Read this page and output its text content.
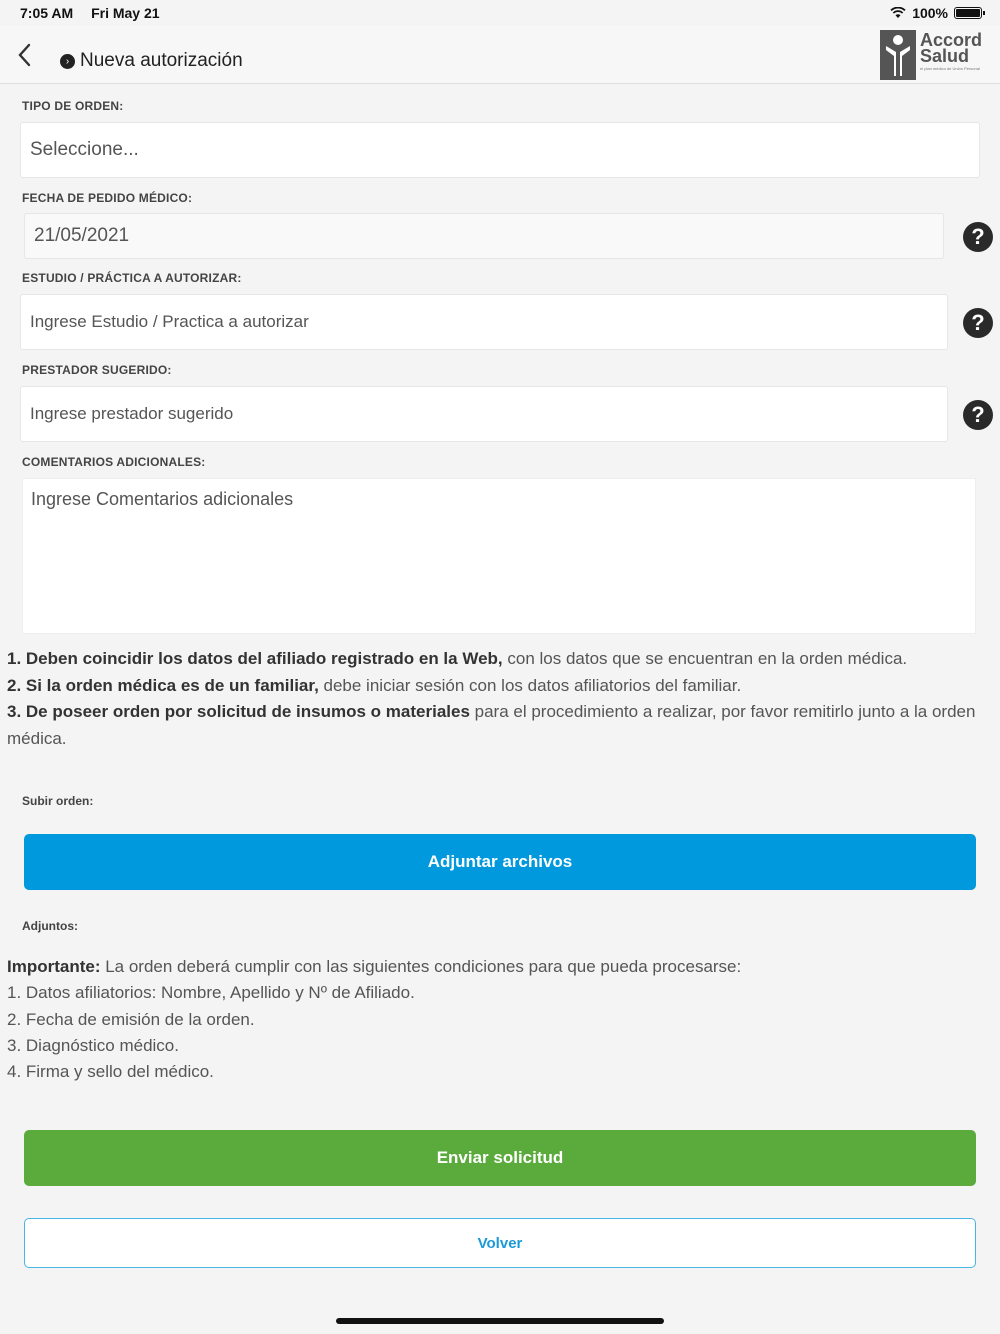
7:05 AM Fri May 21	100%
› Nueva autorización
Accord
Salud
el plan médico de Unión Personal
TIPO DE ORDEN:
Seleccione...
FECHA DE PEDIDO MÉDICO:
21/05/2021	?
ESTUDIO / PRÁCTICA A AUTORIZAR:
Ingrese Estudio / Practica a autorizar	?
PRESTADOR SUGERIDO:
Ingrese prestador sugerido	?
COMENTARIOS ADICIONALES:
Ingrese Comentarios adicionales
1. Deben coincidir los datos del afiliado registrado en la Web, con los datos que se encuentran en la orden médica.
2. Si la orden médica es de un familiar, debe iniciar sesión con los datos afiliatorios del familiar.
3. De poseer orden por solicitud de insumos o materiales para el procedimiento a realizar, por favor remitirlo junto a la orden médica.
Subir orden:
Adjuntar archivos
Adjuntos:
Importante: La orden deberá cumplir con las siguientes condiciones para que pueda procesarse:
1. Datos afiliatorios: Nombre, Apellido y Nº de Afiliado.
2. Fecha de emisión de la orden.
3. Diagnóstico médico.
4. Firma y sello del médico.
Enviar solicitud
Volver
